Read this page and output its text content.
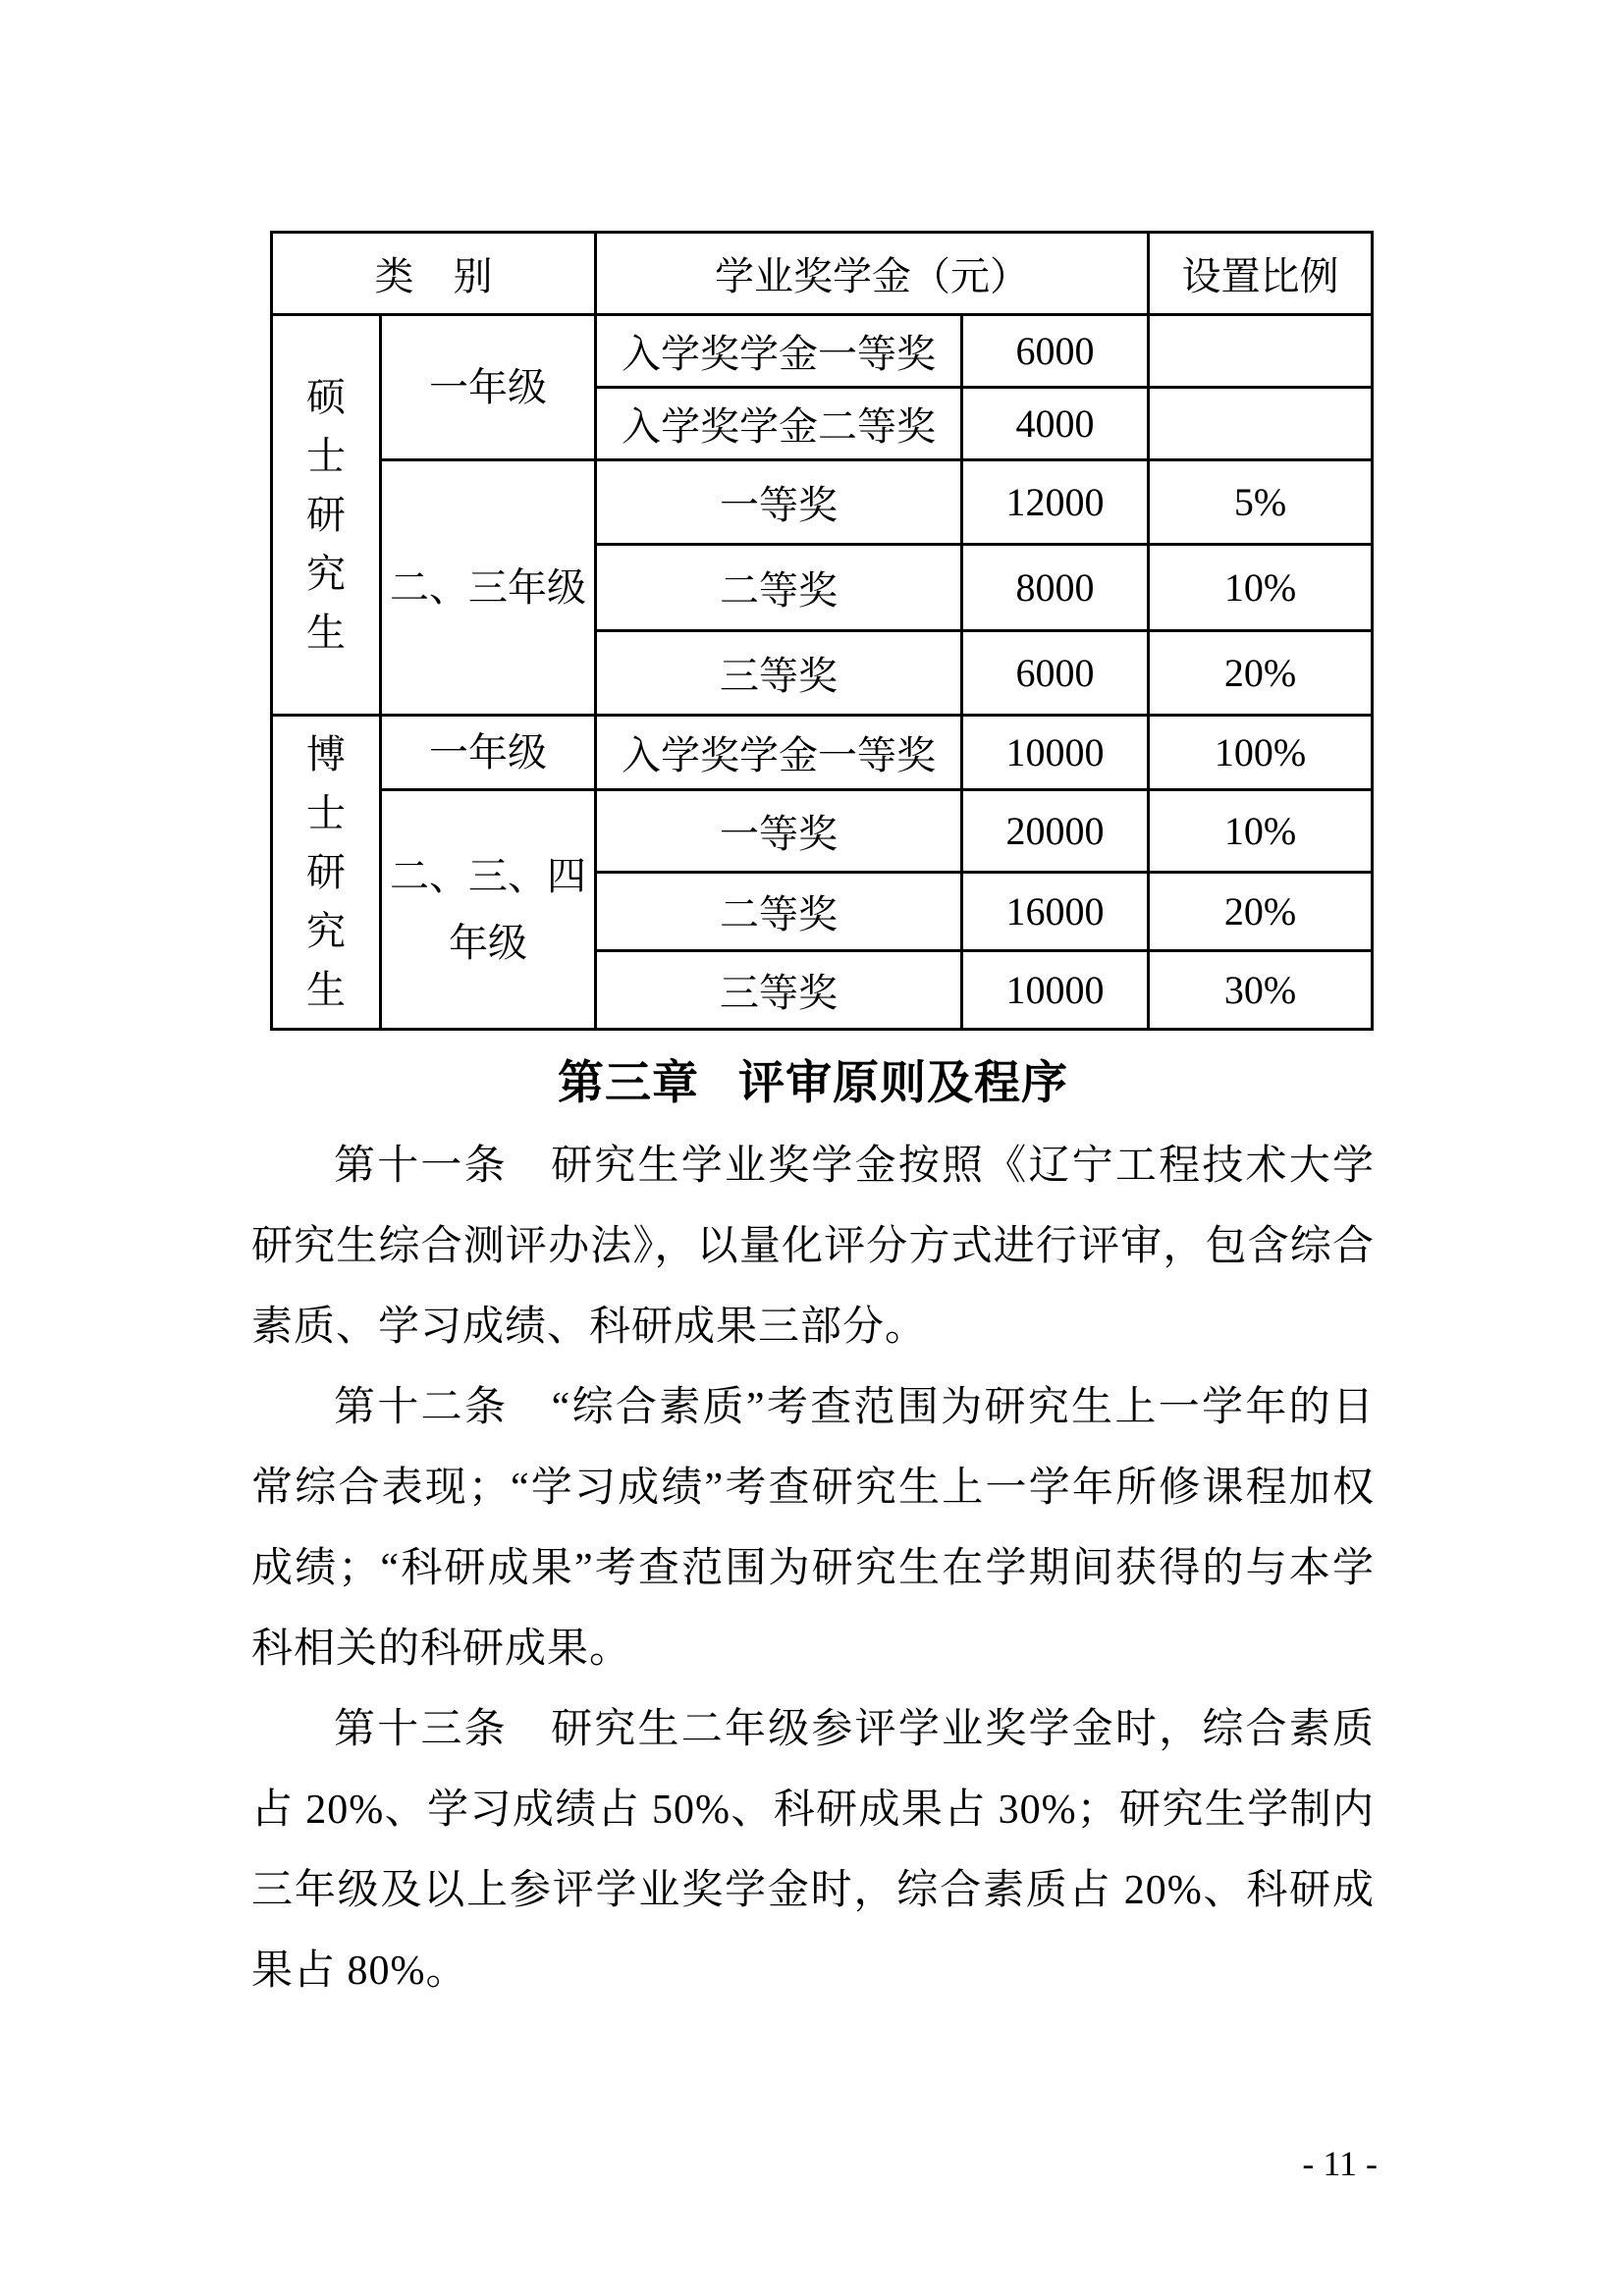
类　别		学业奖学金（元）		设置比例
硕士研究生	一年级	入学奖学金一等奖	6000	
		入学奖学金二等奖	4000	
	二、三年级	一等奖	12000	5%
		二等奖	8000	10%
		三等奖	6000	20%
博士研究生	一年级	入学奖学金一等奖	10000	100%
	二、三、四年级	一等奖	20000	10%
		二等奖	16000	20%
		三等奖	10000	30%
第三章 评审原则及程序

第十一条　研究生学业奖学金按照《辽宁工程技术大学研究生综合测评办法》，以量化评分方式进行评审，包含综合素质、学习成绩、科研成果三部分。

第十二条　“综合素质”考查范围为研究生上一学年的日常综合表现；“学习成绩”考查研究生上一学年所修课程加权成绩；“科研成果”考查范围为研究生在学期间获得的与本学科相关的科研成果。

第十三条　研究生二年级参评学业奖学金时，综合素质占 20%、学习成绩占 50%、科研成果占 30%；研究生学制内三年级及以上参评学业奖学金时，综合素质占 20%、科研成果占 80%。

- 11 -
